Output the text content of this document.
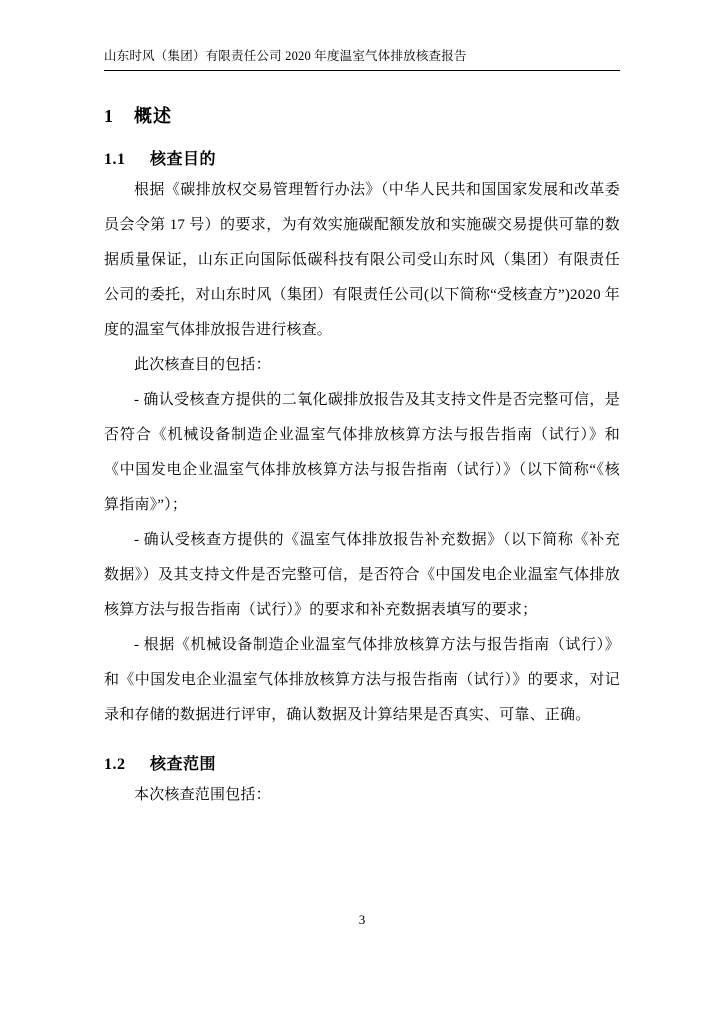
山东时风（集团）有限责任公司 2020 年度温室气体排放核查报告
1 概述
1.1 核查目的

根据《碳排放权交易管理暂行办法》（中华人民共和国国家发展和改革委员会令第 17 号）的要求，为有效实施碳配额发放和实施碳交易提供可靠的数据质量保证，山东正向国际低碳科技有限公司受山东时风（集团）有限责任公司的委托，对山东时风（集团）有限责任公司(以下简称“受核查方”)2020 年度的温室气体排放报告进行核查。

此次核查目的包括：

- 确认受核查方提供的二氧化碳排放报告及其支持文件是否完整可信，是否符合《机械设备制造企业温室气体排放核算方法与报告指南（试行）》和《中国发电企业温室气体排放核算方法与报告指南（试行）》（以下简称“《核算指南》”）；

- 确认受核查方提供的《温室气体排放报告补充数据》（以下简称《补充数据》）及其支持文件是否完整可信，是否符合《中国发电企业温室气体排放核算方法与报告指南（试行）》的要求和补充数据表填写的要求；

- 根据《机械设备制造企业温室气体排放核算方法与报告指南（试行）》和《中国发电企业温室气体排放核算方法与报告指南（试行）》的要求，对记录和存储的数据进行评审，确认数据及计算结果是否真实、可靠、正确。

1.2 核查范围

本次核查范围包括：

3
